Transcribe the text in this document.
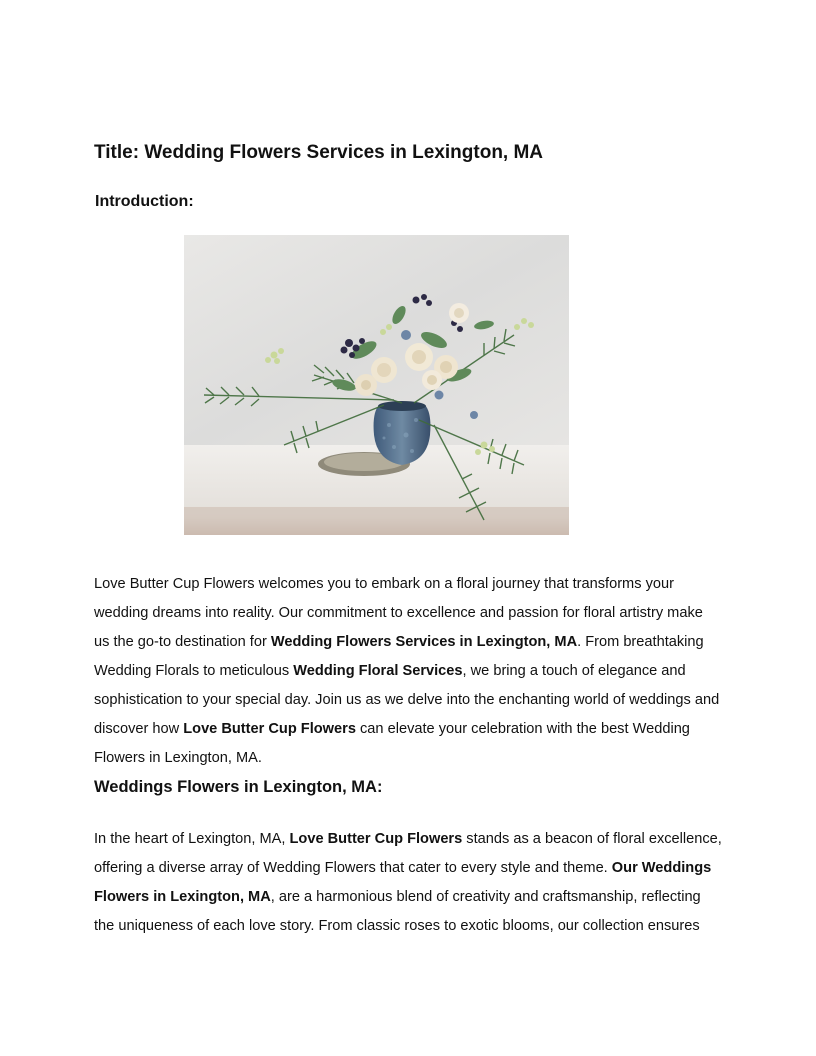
Title: Wedding Flowers Services in Lexington, MA
Introduction:

Love Butter Cup Flowers welcomes you to embark on a floral journey that transforms your wedding dreams into reality. Our commitment to excellence and passion for floral artistry make us the go-to destination for Wedding Flowers Services in Lexington, MA. From breathtaking Wedding Florals to meticulous Wedding Floral Services, we bring a touch of elegance and sophistication to your special day. Join us as we delve into the enchanting world of weddings and discover how Love Butter Cup Flowers can elevate your celebration with the best Wedding Flowers in Lexington, MA.

Weddings Flowers in Lexington, MA:

In the heart of Lexington, MA, Love Butter Cup Flowers stands as a beacon of floral excellence, offering a diverse array of Wedding Flowers that cater to every style and theme. Our Weddings Flowers in Lexington, MA, are a harmonious blend of creativity and craftsmanship, reflecting the uniqueness of each love story. From classic roses to exotic blooms, our collection ensures
